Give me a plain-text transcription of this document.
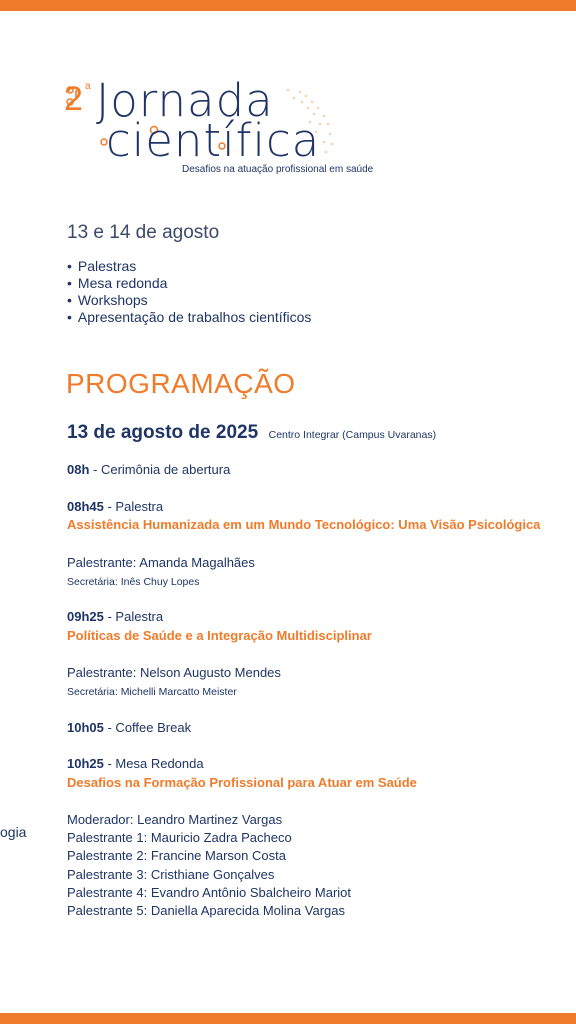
2 a Jornada
científica
Desafios na atuação profissional em saúde
13 e 14 de agosto
• Palestras
• Mesa redonda
• Workshops
• Apresentação de trabalhos científicos
PROGRAMAÇÃO
13 de agosto de 2025 Centro Integrar (Campus Uvaranas)
08h - Cerimônia de abertura
08h45 - Palestra
Assistência Humanizada em um Mundo Tecnológico: Uma Visão Psicológica
Palestrante: Amanda Magalhães
Secretária: Inês Chuy Lopes
09h25 - Palestra
Políticas de Saúde e a Integração Multidisciplinar
Palestrante: Nelson Augusto Mendes
Secretária: Michelli Marcatto Meister
10h05 - Coffee Break
10h25 - Mesa Redonda
Desafios na Formação Profissional para Atuar em Saúde
Moderador: Leandro Martinez Vargas
Palestrante 1: Mauricio Zadra Pacheco
Palestrante 2: Francine Marson Costa
Palestrante 3: Cristhiane Gonçalves
Palestrante 4: Evandro Antônio Sbalcheiro Mariot
Palestrante 5: Daniella Aparecida Molina Vargas
ogia
